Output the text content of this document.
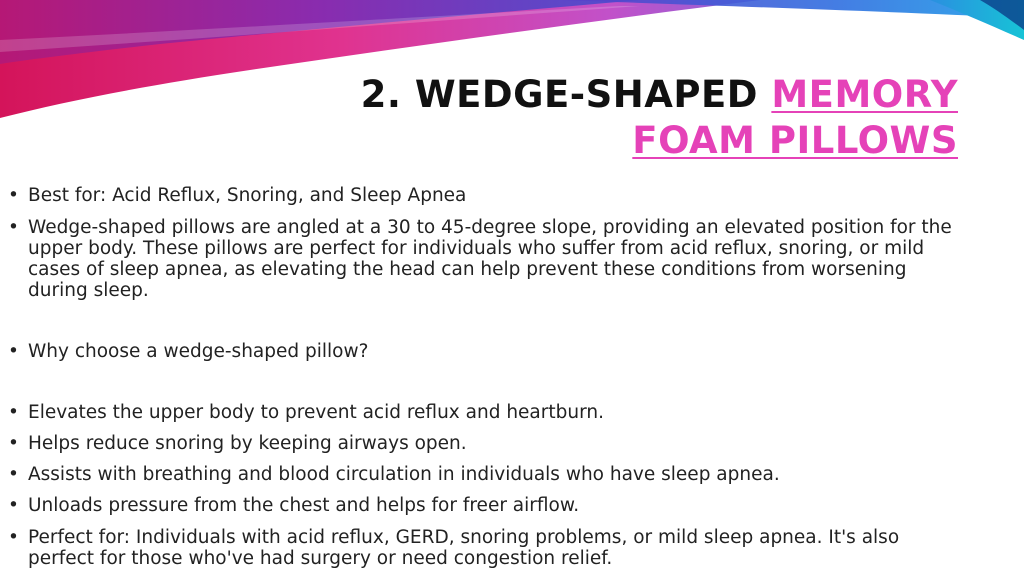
2. WEDGE-SHAPED MEMORY
FOAM PILLOWS
• Best for: Acid Reflux, Snoring, and Sleep Apnea
• Wedge-shaped pillows are angled at a 30 to 45-degree slope, providing an elevated position for the upper body. These pillows are perfect for individuals who suffer from acid reflux, snoring, or mild cases of sleep apnea, as elevating the head can help prevent these conditions from worsening during sleep.
• Why choose a wedge-shaped pillow?
• Elevates the upper body to prevent acid reflux and heartburn.
• Helps reduce snoring by keeping airways open.
• Assists with breathing and blood circulation in individuals who have sleep apnea.
• Unloads pressure from the chest and helps for freer airflow.
• Perfect for: Individuals with acid reflux, GERD, snoring problems, or mild sleep apnea. It's also perfect for those who've had surgery or need congestion relief.
